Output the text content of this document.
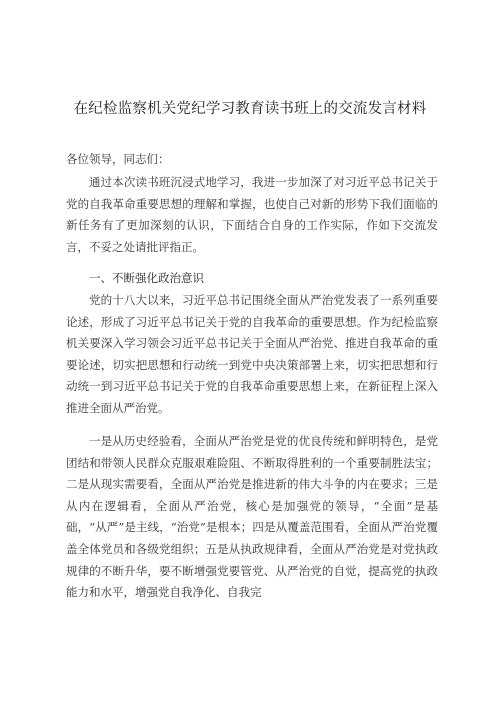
在纪检监察机关党纪学习教育读书班上的交流发言材料
各位领导，同志们：

通过本次读书班沉浸式地学习，我进一步加深了对习近平总书记关于党的自我革命重要思想的理解和掌握，也使自己对新的形势下我们面临的新任务有了更加深刻的认识，下面结合自身的工作实际，作如下交流发言，不妥之处请批评指正。

一、不断强化政治意识

党的十八大以来，习近平总书记围绕全面从严治党发表了一系列重要论述，形成了习近平总书记关于党的自我革命的重要思想。作为纪检监察机关要深入学习领会习近平总书记关于全面从严治党、推进自我革命的重要论述，切实把思想和行动统一到党中央决策部署上来，切实把思想和行动统一到习近平总书记关于党的自我革命重要思想上来，在新征程上深入推进全面从严治党。

一是从历史经验看，全面从严治党是党的优良传统和鲜明特色，是党团结和带领人民群众克服艰难险阻、不断取得胜利的一个重要制胜法宝；二是从现实需要看，全面从严治党是推进新的伟大斗争的内在要求；三是从内在逻辑看，全面从严治党，核心是加强党的领导，“全面”是基础，“从严”是主线，“治党”是根本；四是从覆盖范围看，全面从严治党覆盖全体党员和各级党组织；五是从执政规律看，全面从严治党是对党执政规律的不断升华，要不断增强党要管党、从严治党的自觉，提高党的执政能力和水平，增强党自我净化、自我完
